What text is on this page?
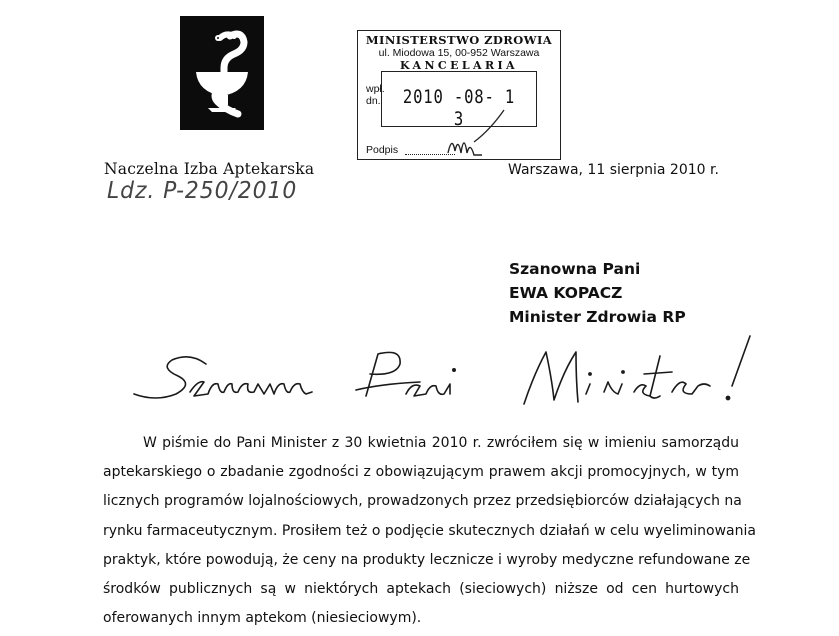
Naczelna Izba Aptekarska
Ldz. P-250/2010
MINISTERSTWO ZDROWIA
ul. Miodowa 15, 00-952 Warszawa
KANCELARIA
wpł.
dn.	2010 -08- 1 3
Podpis
Warszawa, 11 sierpnia 2010 r.
Szanowna Pani
EWA KOPACZ
Minister Zdrowia RP
W piśmie do Pani Minister z 30 kwietnia 2010 r. zwróciłem się w imieniu samorządu
aptekarskiego o zbadanie zgodności z obowiązującym prawem akcji promocyjnych, w tym
licznych programów lojalnościowych, prowadzonych przez przedsiębiorców działających na
rynku farmaceutycznym. Prosiłem też o podjęcie skutecznych działań w celu wyeliminowania
praktyk, które powodują, że ceny na produkty lecznicze i wyroby medyczne refundowane ze
środków publicznych są w niektórych aptekach (sieciowych) niższe od cen hurtowych
oferowanych innym aptekom (niesieciowym).
